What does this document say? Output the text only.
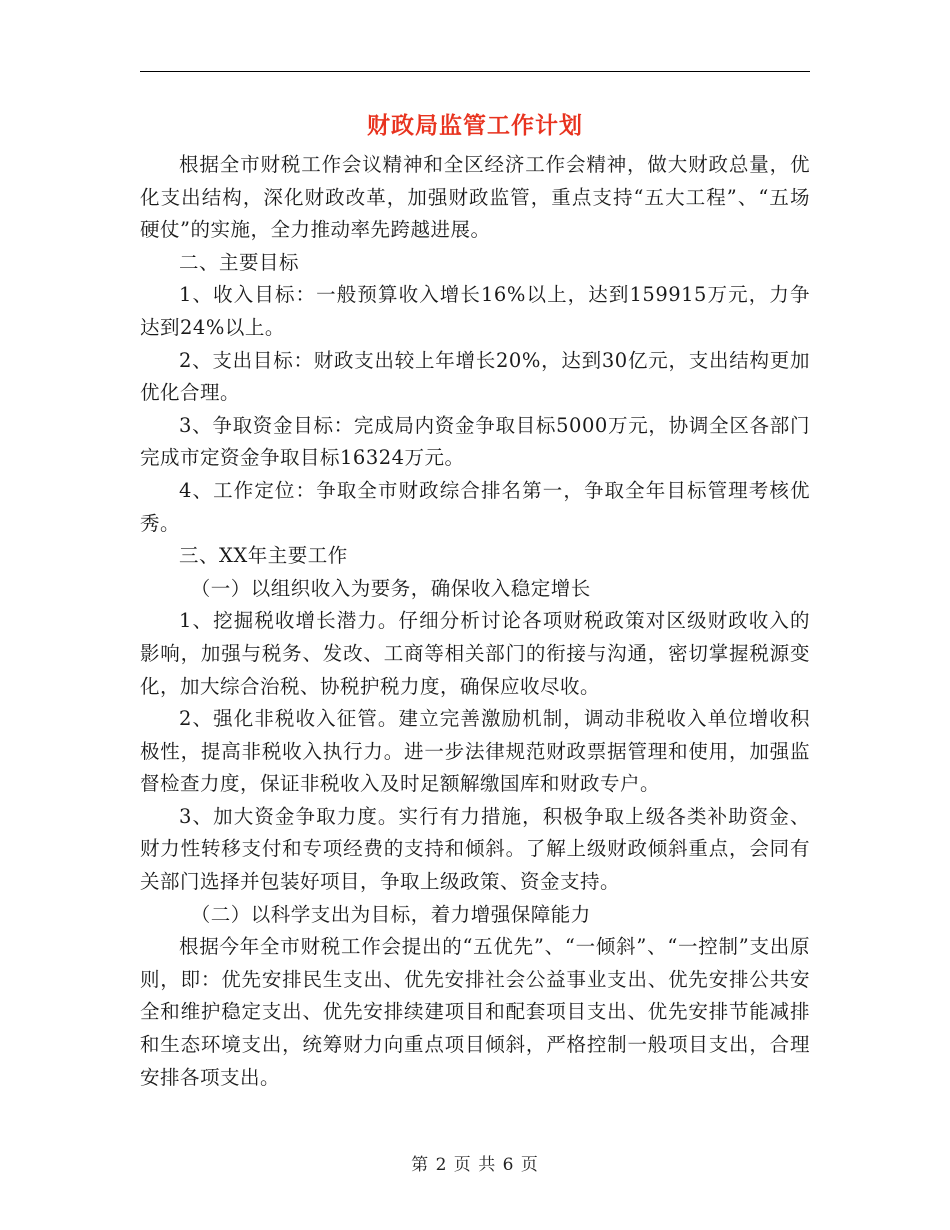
财政局监管工作计划

根据全市财税工作会议精神和全区经济工作会精神，做大财政总量，优化支出结构，深化财政改革，加强财政监管，重点支持“五大工程”、“五场硬仗”的实施，全力推动率先跨越进展。

二、主要目标

1、收入目标：一般预算收入增长16%以上，达到159915万元，力争达到24%以上。

2、支出目标：财政支出较上年增长20%，达到30亿元，支出结构更加优化合理。

3、争取资金目标：完成局内资金争取目标5000万元，协调全区各部门完成市定资金争取目标16324万元。

4、工作定位：争取全市财政综合排名第一，争取全年目标管理考核优秀。

三、XX年主要工作

（一）以组织收入为要务，确保收入稳定增长

1、挖掘税收增长潜力。仔细分析讨论各项财税政策对区级财政收入的影响，加强与税务、发改、工商等相关部门的衔接与沟通，密切掌握税源变化，加大综合治税、协税护税力度，确保应收尽收。

2、强化非税收入征管。建立完善激励机制，调动非税收入单位增收积极性，提高非税收入执行力。进一步法律规范财政票据管理和使用，加强监督检查力度，保证非税收入及时足额解缴国库和财政专户。

3、加大资金争取力度。实行有力措施，积极争取上级各类补助资金、财力性转移支付和专项经费的支持和倾斜。了解上级财政倾斜重点，会同有关部门选择并包装好项目，争取上级政策、资金支持。

（二）以科学支出为目标，着力增强保障能力

根据今年全市财税工作会提出的“五优先”、“一倾斜”、“一控制”支出原则，即：优先安排民生支出、优先安排社会公益事业支出、优先安排公共安全和维护稳定支出、优先安排续建项目和配套项目支出、优先安排节能减排和生态环境支出，统筹财力向重点项目倾斜，严格控制一般项目支出，合理安排各项支出。

第 2 页 共 6 页
